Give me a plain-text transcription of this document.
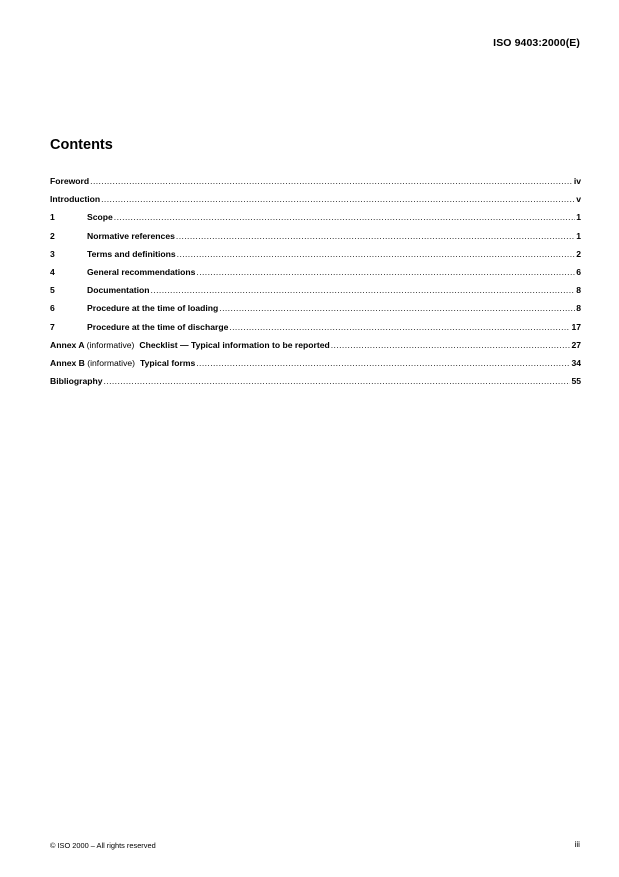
ISO 9403:2000(E)
Contents
Foreword .....	iv
Introduction .....	v
1	Scope .....	1
2	Normative references .....	1
3	Terms and definitions .....	2
4	General recommendations .....	6
5	Documentation .....	8
6	Procedure at the time of loading .....	8
7	Procedure at the time of discharge .....	17
Annex A (informative) Checklist — Typical information to be reported .....	27
Annex B (informative) Typical forms .....	34
Bibliography .....	55
© ISO 2000 – All rights reserved	iii
